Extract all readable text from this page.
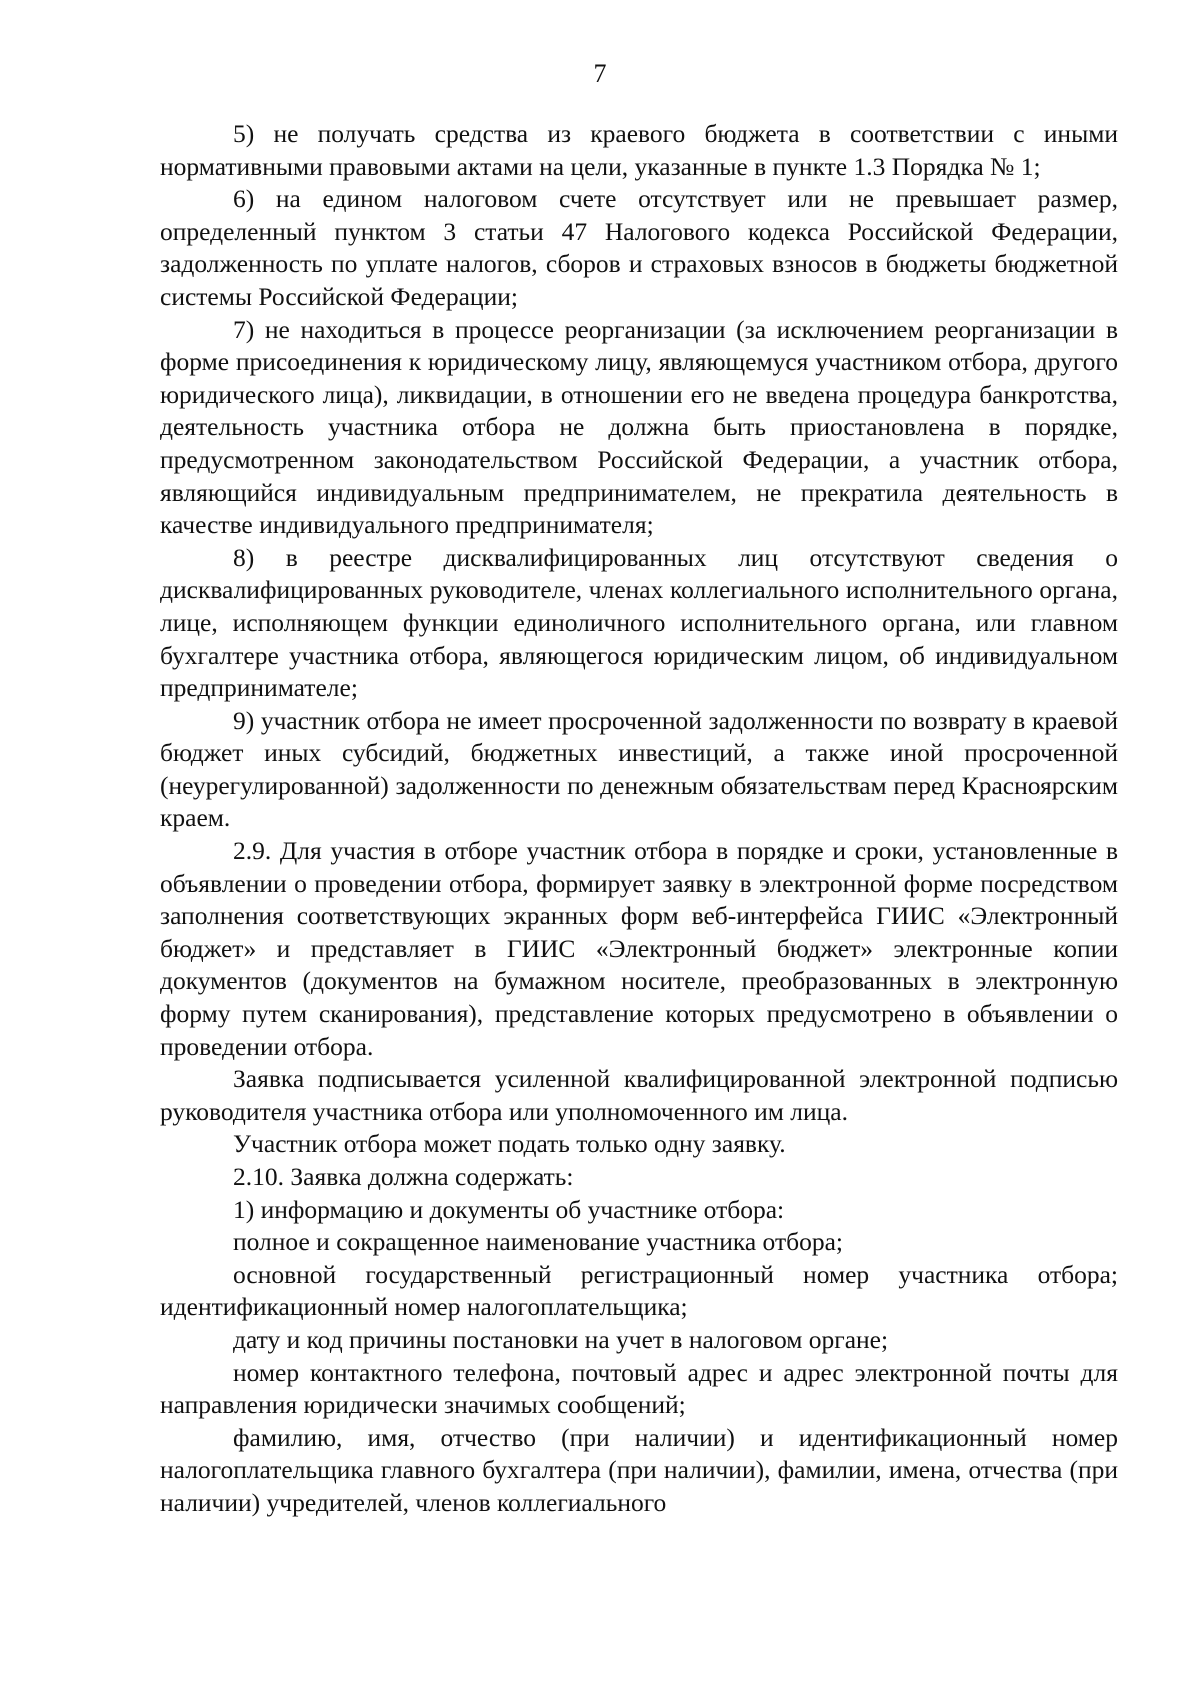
7

5) не получать средства из краевого бюджета в соответствии с иными нормативными правовыми актами на цели, указанные в пункте 1.3 Порядка № 1;

6) на едином налоговом счете отсутствует или не превышает размер, определенный пунктом 3 статьи 47 Налогового кодекса Российской Федерации, задолженность по уплате налогов, сборов и страховых взносов в бюджеты бюджетной системы Российской Федерации;

7) не находиться в процессе реорганизации (за исключением реорганизации в форме присоединения к юридическому лицу, являющемуся участником отбора, другого юридического лица), ликвидации, в отношении его не введена процедура банкротства, деятельность участника отбора не должна быть приостановлена в порядке, предусмотренном законодательством Российской Федерации, а участник отбора, являющийся индивидуальным предпринимателем, не прекратила деятельность в качестве индивидуального предпринимателя;

8) в реестре дисквалифицированных лиц отсутствуют сведения о дисквалифицированных руководителе, членах коллегиального исполнительного органа, лице, исполняющем функции единоличного исполнительного органа, или главном бухгалтере участника отбора, являющегося юридическим лицом, об индивидуальном предпринимателе;

9) участник отбора не имеет просроченной задолженности по возврату в краевой бюджет иных субсидий, бюджетных инвестиций, а также иной просроченной (неурегулированной) задолженности по денежным обязательствам перед Красноярским краем.

2.9. Для участия в отборе участник отбора в порядке и сроки, установленные в объявлении о проведении отбора, формирует заявку в электронной форме посредством заполнения соответствующих экранных форм веб-интерфейса ГИИС «Электронный бюджет» и представляет в ГИИС «Электронный бюджет» электронные копии документов (документов на бумажном носителе, преобразованных в электронную форму путем сканирования), представление которых предусмотрено в объявлении о проведении отбора.

Заявка подписывается усиленной квалифицированной электронной подписью руководителя участника отбора или уполномоченного им лица.

Участник отбора может подать только одну заявку.

2.10. Заявка должна содержать:

1) информацию и документы об участнике отбора:

полное и сокращенное наименование участника отбора;

основной государственный регистрационный номер участника отбора; идентификационный номер налогоплательщика;

дату и код причины постановки на учет в налоговом органе;

номер контактного телефона, почтовый адрес и адрес электронной почты для направления юридически значимых сообщений;

фамилию, имя, отчество (при наличии) и идентификационный номер налогоплательщика главного бухгалтера (при наличии), фамилии, имена, отчества (при наличии) учредителей, членов коллегиального
